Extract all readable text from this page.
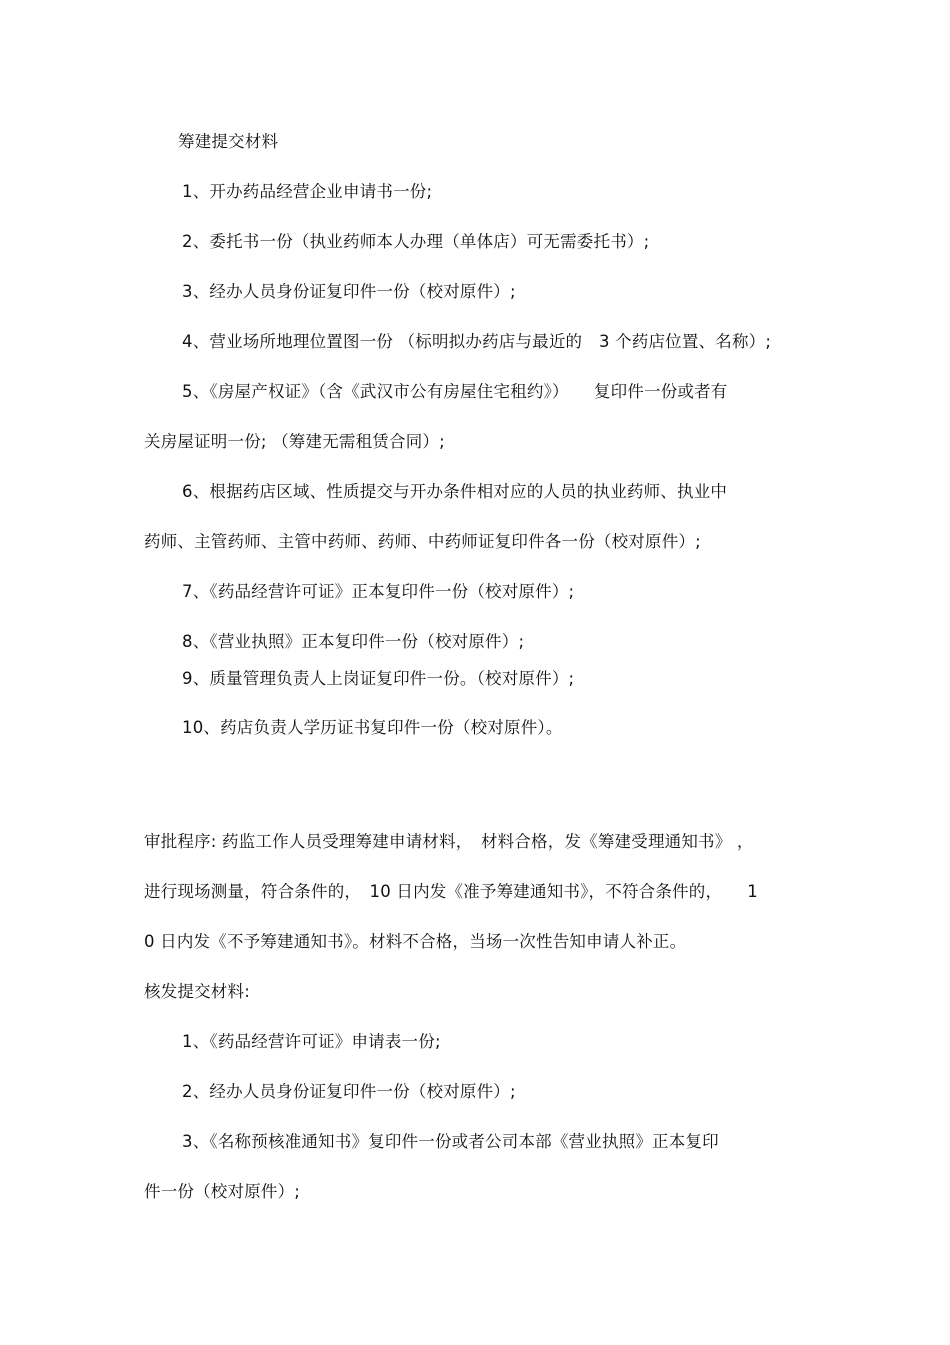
筹建提交材料
1、开办药品经营企业申请书一份;
2、委托书一份（执业药师本人办理（单体店）可无需委托书）;
3、经办人员身份证复印件一份（校对原件）;
4、营业场所地理位置图一份 （标明拟办药店与最近的　3 个药店位置、名称）;
5、《房屋产权证》（含《武汉市公有房屋住宅租约》）　　复印件一份或者有
关房屋证明一份; （筹建无需租赁合同）;
6、根据药店区域、性质提交与开办条件相对应的人员的执业药师、执业中
药师、主管药师、主管中药师、药师、中药师证复印件各一份（校对原件）;
7、《药品经营许可证》正本复印件一份（校对原件）;
8、《营业执照》正本复印件一份（校对原件）;
9、质量管理负责人上岗证复印件一份。（校对原件）;
10、药店负责人学历证书复印件一份（校对原件）。
审批程序: 药监工作人员受理筹建申请材料，　材料合格，发《筹建受理通知书》 ，
进行现场测量，符合条件的，　10 日内发《准予筹建通知书》，不符合条件的，　　1
0 日内发《不予筹建通知书》。材料不合格，当场一次性告知申请人补正。
核发提交材料:
1、《药品经营许可证》申请表一份;
2、经办人员身份证复印件一份（校对原件）;
3、《名称预核准通知书》复印件一份或者公司本部《营业执照》正本复印
件一份（校对原件）;
